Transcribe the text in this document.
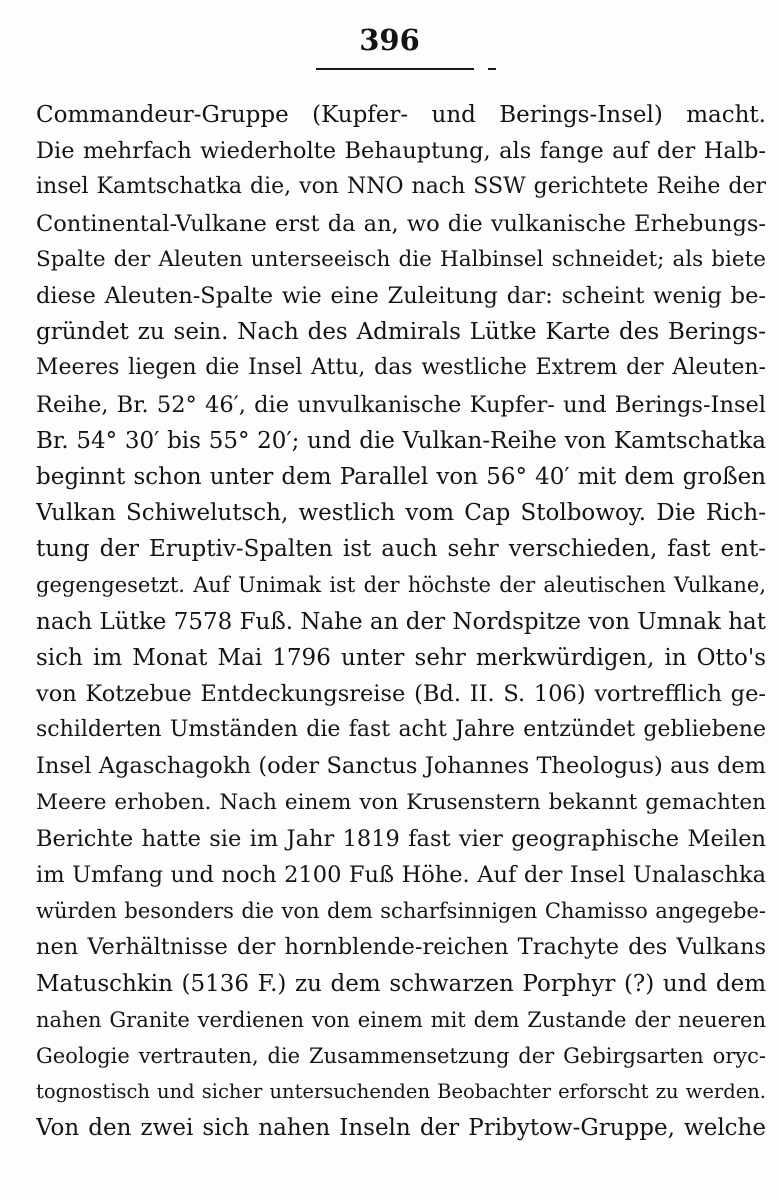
396
Commandeur-Gruppe (Kupfer- und Berings-Insel) macht.
Die mehrfach wiederholte Behauptung, als fange auf der Halb-
insel Kamtschatka die, von NNO nach SSW gerichtete Reihe der
Continental-Vulkane erst da an, wo die vulkanische Erhebungs-
Spalte der Aleuten unterseeisch die Halbinsel schneidet; als biete
diese Aleuten-Spalte wie eine Zuleitung dar: scheint wenig be-
gründet zu sein. Nach des Admirals Lütke Karte des Berings-
Meeres liegen die Insel Attu, das westliche Extrem der Aleuten-
Reihe, Br. 52° 46′, die unvulkanische Kupfer- und Berings-Insel
Br. 54° 30′ bis 55° 20′; und die Vulkan-Reihe von Kamtschatka
beginnt schon unter dem Parallel von 56° 40′ mit dem großen
Vulkan Schiwelutsch, westlich vom Cap Stolbowoy. Die Rich-
tung der Eruptiv-Spalten ist auch sehr verschieden, fast ent-
gegengesetzt. Auf Unimak ist der höchste der aleutischen Vulkane,
nach Lütke 7578 Fuß. Nahe an der Nordspitze von Umnak hat
sich im Monat Mai 1796 unter sehr merkwürdigen, in Otto's
von Kotzebue Entdeckungsreise (Bd. II. S. 106) vortrefflich ge-
schilderten Umständen die fast acht Jahre entzündet gebliebene
Insel Agaschagokh (oder Sanctus Johannes Theologus) aus dem
Meere erhoben. Nach einem von Krusenstern bekannt gemachten
Berichte hatte sie im Jahr 1819 fast vier geographische Meilen
im Umfang und noch 2100 Fuß Höhe. Auf der Insel Unalaschka
würden besonders die von dem scharfsinnigen Chamisso angegebe-
nen Verhältnisse der hornblende-reichen Trachyte des Vulkans
Matuschkin (5136 F.) zu dem schwarzen Porphyr (?) und dem
nahen Granite verdienen von einem mit dem Zustande der neueren
Geologie vertrauten, die Zusammensetzung der Gebirgsarten oryc-
tognostisch und sicher untersuchenden Beobachter erforscht zu werden.
Von den zwei sich nahen Inseln der Pribytow-Gruppe, welche
